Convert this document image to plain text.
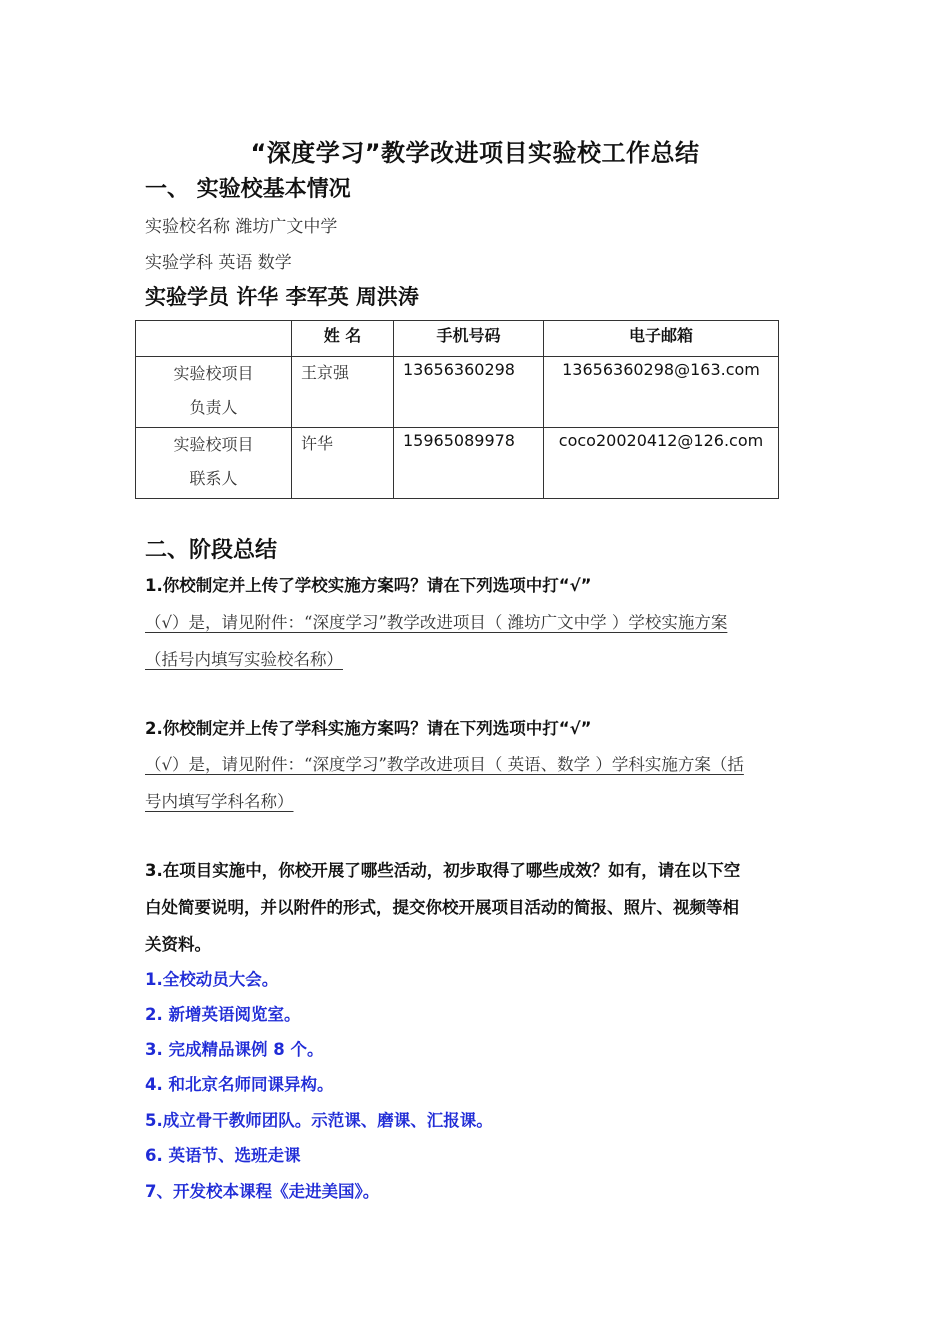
“深度学习”教学改进项目实验校工作总结
一、 实验校基本情况
实验校名称 潍坊广文中学
实验学科 英语 数学
实验学员 许华 李军英 周洪涛
	姓 名	手机号码	电子邮箱

实验校项目
负责人	王京强	13656360298	13656360298@163.com

实验校项目
联系人	许华	15965089978	coco20020412@126.com
二、阶段总结
1.你校制定并上传了学校实施方案吗？请在下列选项中打“√”
（√）是，请见附件：“深度学习”教学改进项目（ 潍坊广文中学 ）学校实施方案
（括号内填写实验校名称）
2.你校制定并上传了学科实施方案吗？请在下列选项中打“√”
（√）是，请见附件：“深度学习”教学改进项目（ 英语、数学 ）学科实施方案（括
号内填写学科名称）
3.在项目实施中，你校开展了哪些活动，初步取得了哪些成效？如有，请在以下空
白处简要说明，并以附件的形式，提交你校开展项目活动的简报、照片、视频等相
关资料。
1.全校动员大会。
2. 新增英语阅览室。
3. 完成精品课例 8 个。
4. 和北京名师同课异构。
5.成立骨干教师团队。示范课、磨课、汇报课。
6. 英语节、选班走课
7、开发校本课程《走进美国》。
